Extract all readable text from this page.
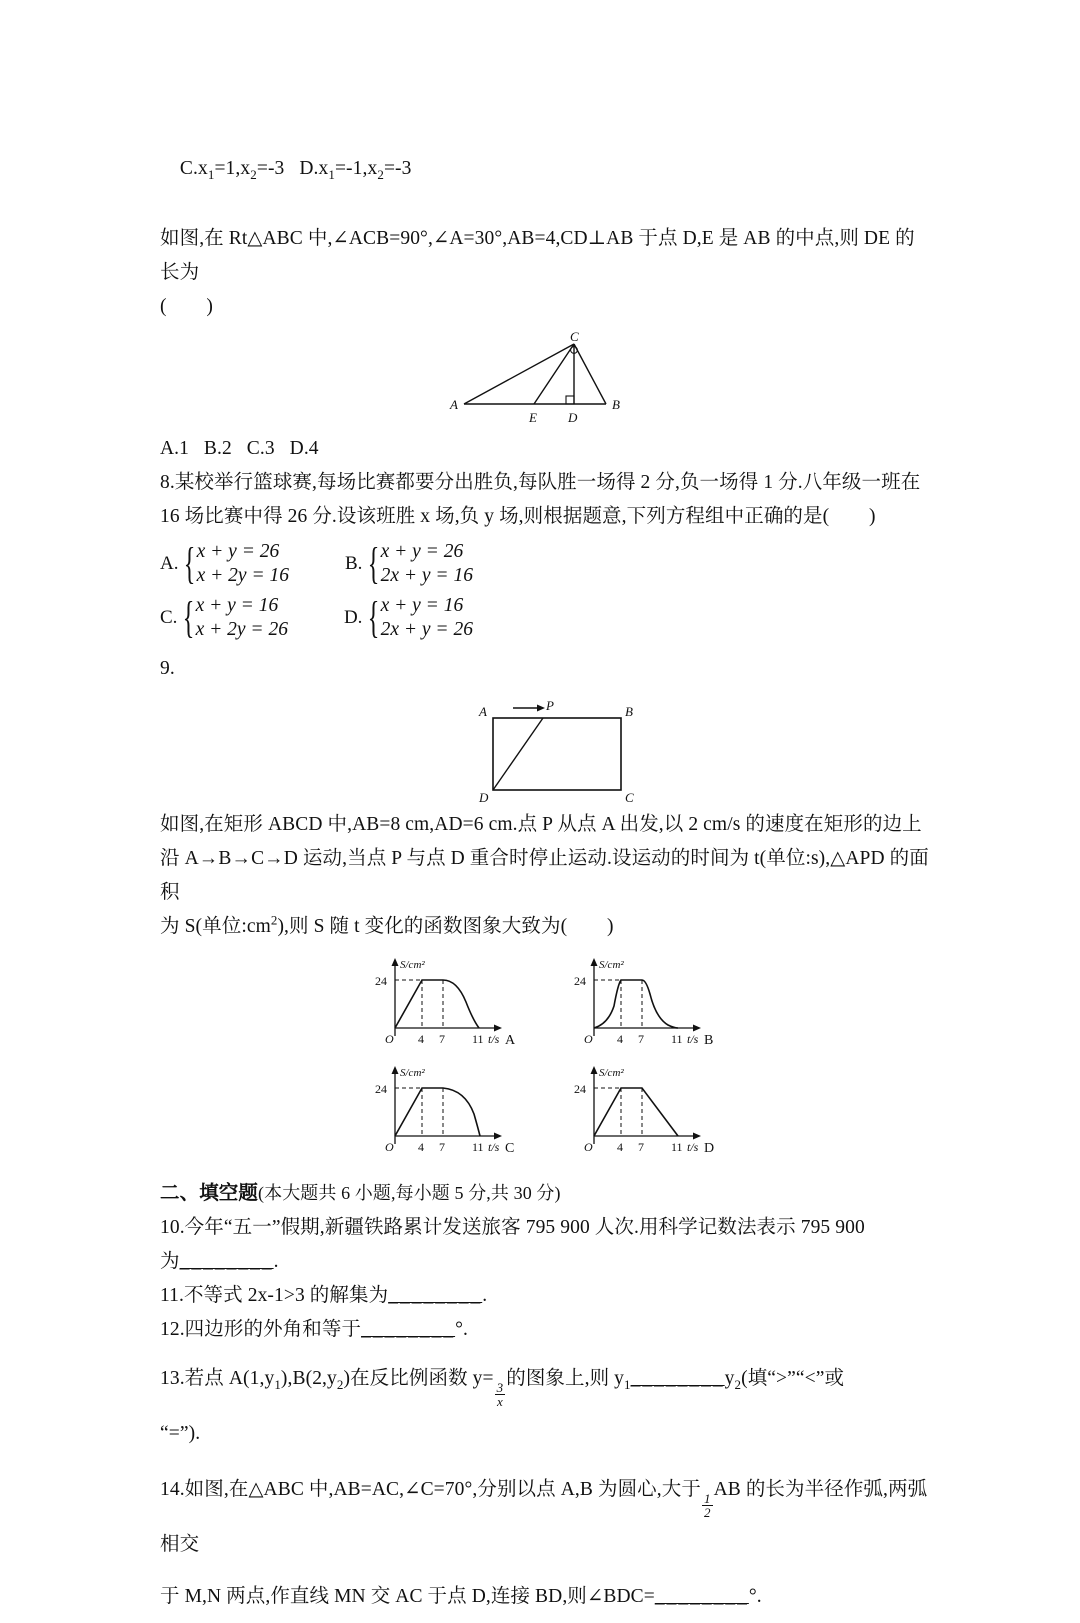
$C.x_1=1,x_2=-3$ $D.x_1=-1,x_2=-3$

如图,在 Rt△ABC 中,∠ACB=90°,∠A=30°,AB=4,CD⊥AB 于点 D,E 是 AB 的中点,则 DE 的长为
(        )
A	B
C
E D
A.1   B.2   C.3   D.4
8.某校举行篮球赛,每场比赛都要分出胜负,每队胜一场得 2 分,负一场得 1 分.八年级一班在
16 场比赛中得 26 分.设该班胜 x 场,负 y 场,则根据题意,下列方程组中正确的是(        )
A. { x + y = 26
x + 2y = 16
B. { x + y = 26
2x + y = 16
C. { x + y = 16
x + 2y = 26
D. { x + y = 16
2x + y = 26
9.
A	B
C
D
P
如图,在矩形 ABCD 中,AB=8 cm,AD=6 cm.点 P 从点 A 出发,以 2 cm/s 的速度在矩形的边上
沿 A→B→C→D 运动,当点 P 与点 D 重合时停止运动.设运动的时间为 t(单位:s),△APD 的面积
为 S(单位$:cm^2$),则 S 随 t 变化的函数图象大致为(        )
24
O 4 7 11 t/s A
S/cm²
24
O 4 7 11 t/s B
S/cm²
24
O 4 7 11 t/s C
S/cm²
24
O 4 7 11 t/s D
S/cm²
二、填空题(本大题共 6 小题,每小题 5 分,共 30 分)
10.今年“五一”假期,新疆铁路累计发送旅客 795 900 人次.用科学记数法表示 795 900
为________.
11.不等式 2x-1>3 的解集为________.
12.四边形的外角和等于________°.
13.若点 $A(1,y_1),B(2,y_2)$在反比例函数 y=
$\frac{3}{x}$
的图象上,则 $y_1\_\_\_\_\_\_\_\_y_2$(填“>”“<”或
“=”).
14.如图,在△ABC 中,AB=AC,∠C=70°,分别以点 A,B 为圆心,大于
$\frac{1}{2}$
AB 的长为半径作弧,两弧相交
于 M,N 两点,作直线 MN 交 AC 于点 D,连接 BD,则∠BDC=________°.
